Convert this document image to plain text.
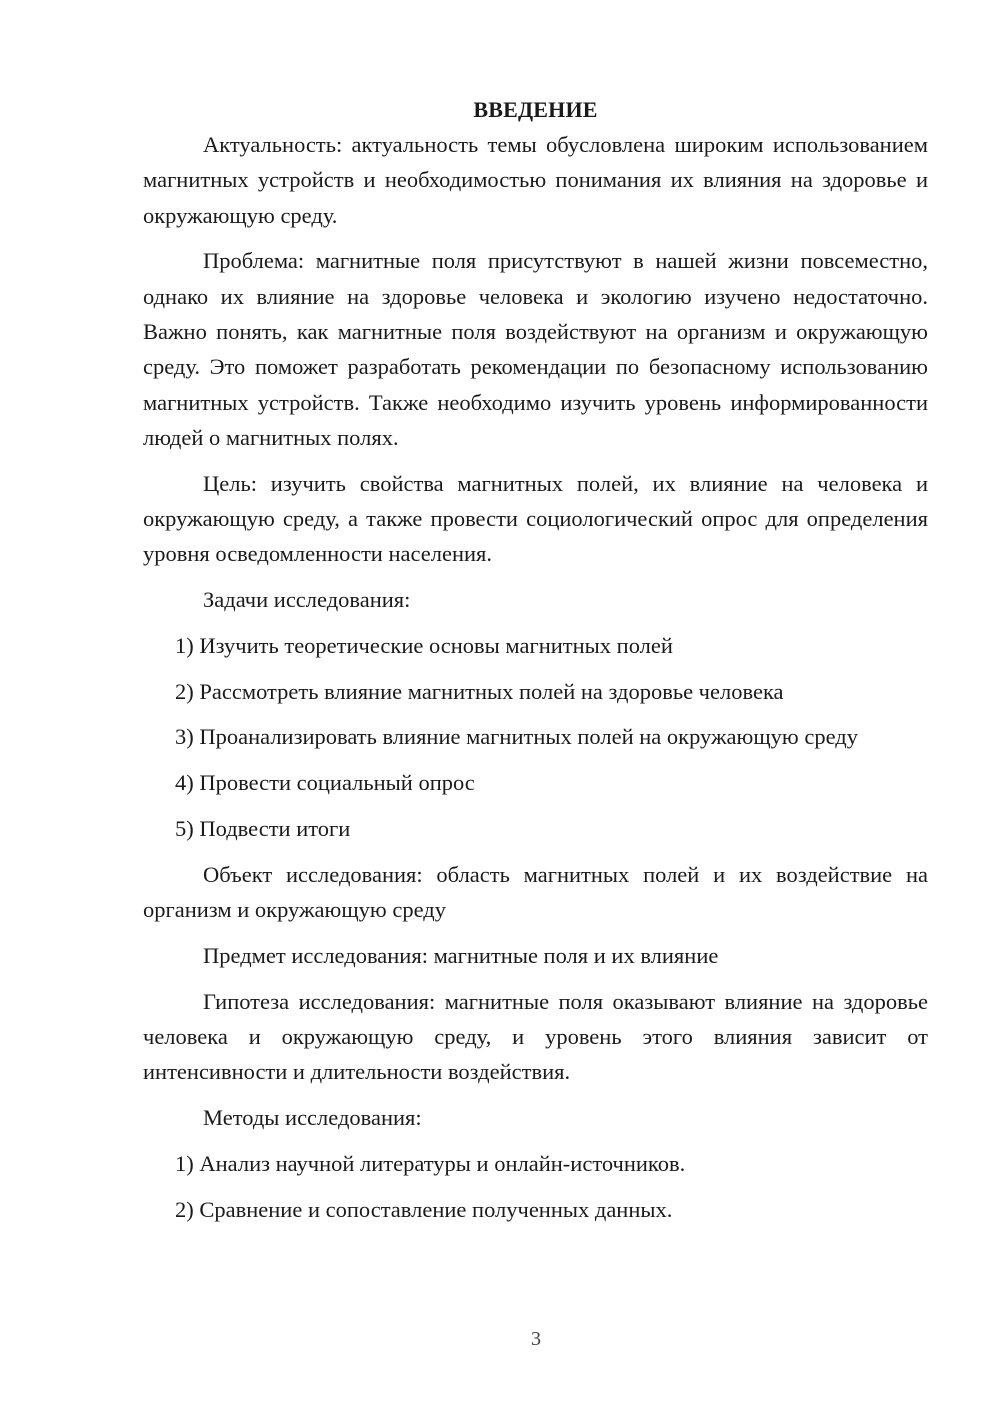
ВВЕДЕНИЕ

Актуальность: актуальность темы обусловлена широким использованием магнитных устройств и необходимостью понимания их влияния на здоровье и окружающую среду.

Проблема: магнитные поля присутствуют в нашей жизни повсеместно, однако их влияние на здоровье человека и экологию изучено недостаточно. Важно понять, как магнитные поля воздействуют на организм и окружающую среду. Это поможет разработать рекомендации по безопасному использованию магнитных устройств. Также необходимо изучить уровень информированности людей о магнитных полях.

Цель: изучить свойства магнитных полей, их влияние на человека и окружающую среду, а также провести социологический опрос для определения уровня осведомленности населения.

Задачи исследования:

1) Изучить теоретические основы магнитных полей

2) Рассмотреть влияние магнитных полей на здоровье человека

3) Проанализировать влияние магнитных полей на окружающую среду

4) Провести социальный опрос

5) Подвести итоги

Объект исследования: область магнитных полей и их воздействие на организм и окружающую среду

Предмет исследования: магнитные поля и их влияние

Гипотеза исследования: магнитные поля оказывают влияние на здоровье человека и окружающую среду, и уровень этого влияния зависит от интенсивности и длительности воздействия.

Методы исследования:

1) Анализ научной литературы и онлайн-источников.

2) Сравнение и сопоставление полученных данных.

3
